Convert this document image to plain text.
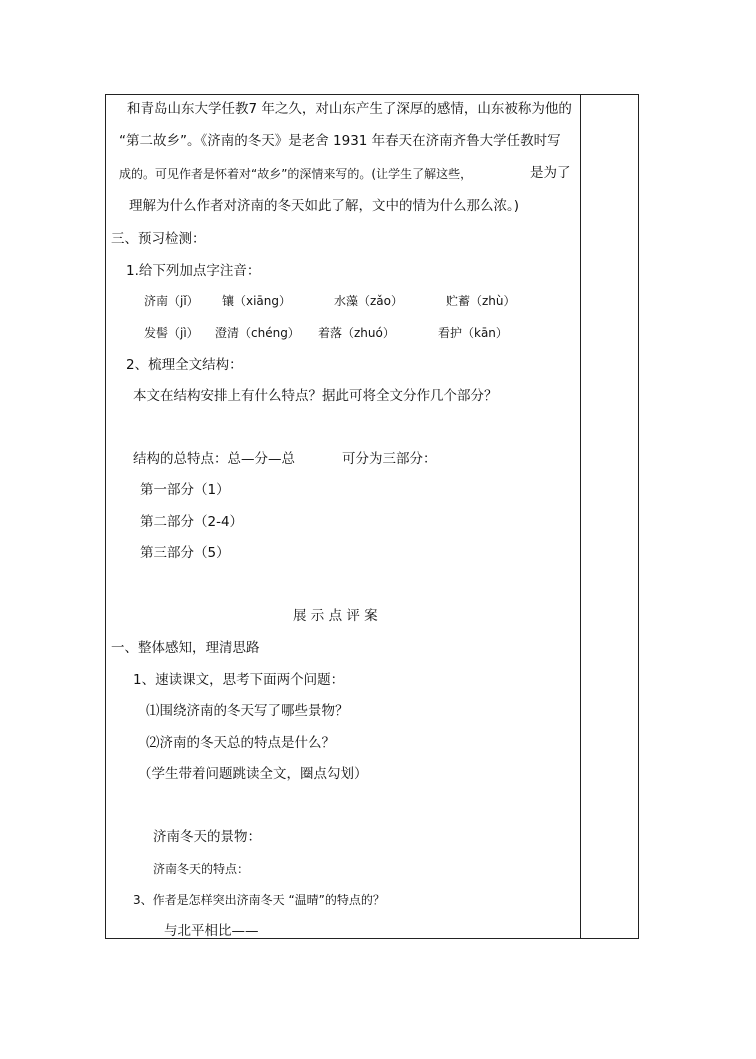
和青岛山东大学任教7 年之久，对山东产生了深厚的感情，山东被称为他的
“第二故乡”。《济南的冬天》是老舍 1931 年春天在济南齐鲁大学任教时写
成的。可见作者是怀着对“故乡”的深情来写的。(让学生了解这些，	是为了
理解为什么作者对济南的冬天如此了解，文中的情为什么那么浓。)
三、预习检测：
1.给下列加点字注音：
济南（jǐ） 镶（xiāng）	水藻（zǎo）	贮蓄（zhù）
发髻（jì） 澄清（chéng） 着落（zhuó）	看护（kān）
2、梳理全文结构：
本文在结构安排上有什么特点？据此可将全文分作几个部分？
结构的总特点：总—分—总	可分为三部分：
第一部分（1）
第二部分（2-4）
第三部分（5）
展 示 点 评 案
一、整体感知，理清思路
1、速读课文，思考下面两个问题：
⑴围绕济南的冬天写了哪些景物？
⑵济南的冬天总的特点是什么？
（学生带着问题跳读全文，圈点勾划）
济南冬天的景物：
济南冬天的特点：
3、作者是怎样突出济南冬天 “温晴”的特点的？
与北平相比——
